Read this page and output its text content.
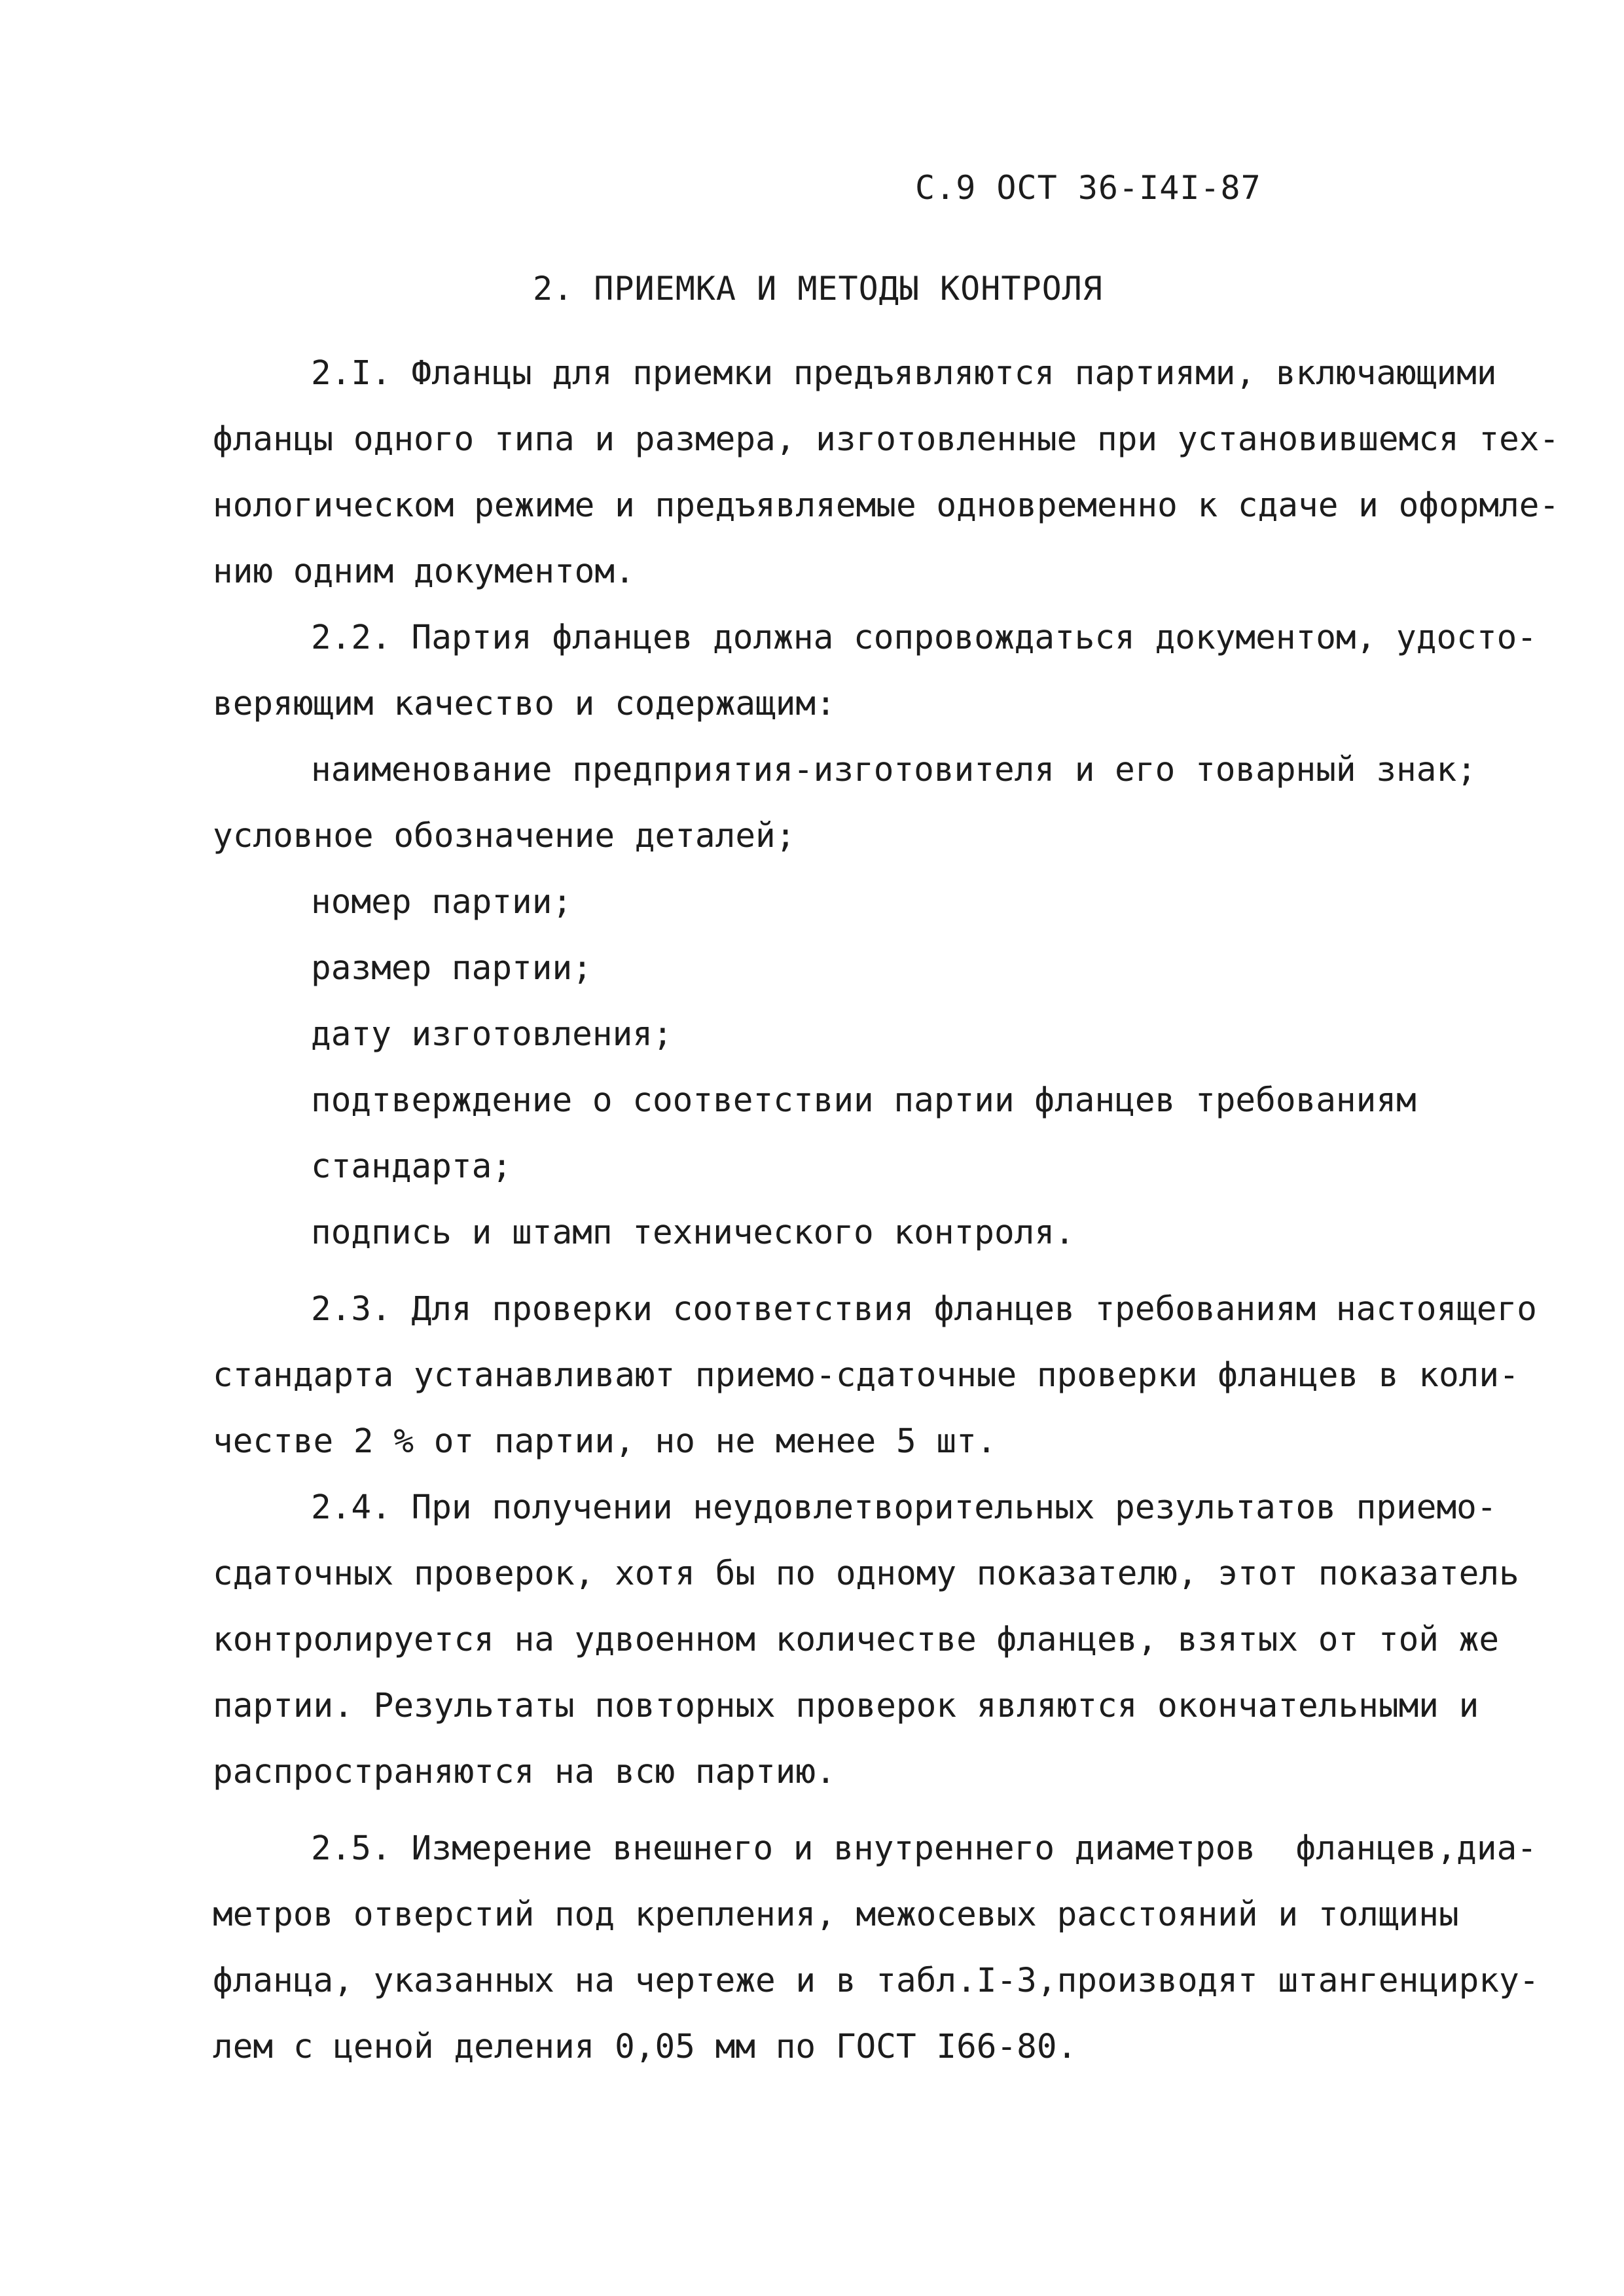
С.9 ОСТ 36-I4I-87
2. ПРИЕМКА И МЕТОДЫ КОНТРОЛЯ
2.I. Фланцы для приемки предъявляются партиями, включающими
фланцы одного типа и размера, изготовленные при установившемся тех-
нологическом режиме и предъявляемые одновременно к сдаче и оформле-
нию одним документом.
2.2. Партия фланцев должна сопровождаться документом, удосто-
веряющим качество и содержащим:
наименование предприятия-изготовителя и его товарный знак;
условное обозначение деталей;
номер партии;
размер партии;
дату изготовления;
подтверждение о соответствии партии фланцев требованиям
стандарта;
подпись и штамп технического контроля.
2.3. Для проверки соответствия фланцев требованиям настоящего
стандарта устанавливают приемо-сдаточные проверки фланцев в коли-
честве 2 % от партии, но не менее 5 шт.
2.4. При получении неудовлетворительных результатов приемо-
сдаточных проверок, хотя бы по одному показателю, этот показатель
контролируется на удвоенном количестве фланцев, взятых от той же
партии. Результаты повторных проверок являются окончательными и
распространяются на всю партию.
2.5. Измерение внешнего и внутреннего диаметров  фланцев,диа-
метров отверстий под крепления, межосевых расстояний и толщины
фланца, указанных на чертеже и в табл.I-3,производят штангенцирку-
лем с ценой деления 0,05 мм по ГОСТ I66-80.
